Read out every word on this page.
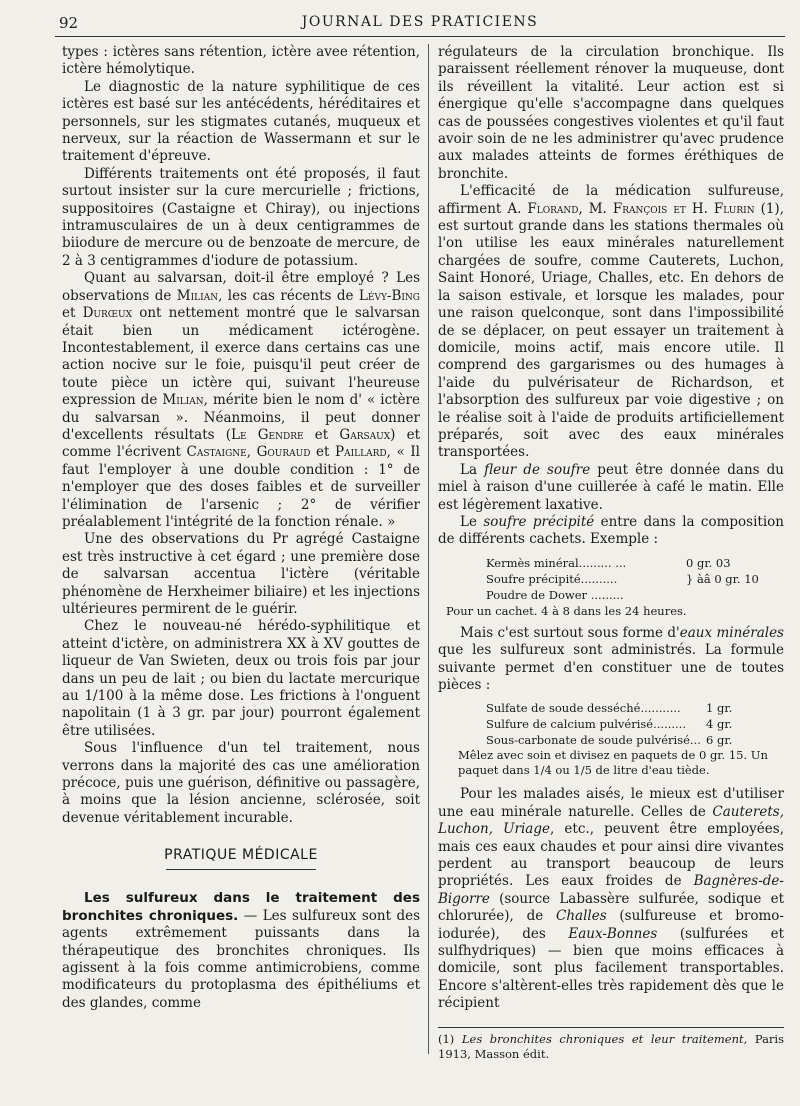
92	JOURNAL DES PRATICIENS

types : ictères sans rétention, ictère avee rétention, ictère hémolytique.

Le diagnostic de la nature syphilitique de ces ictères est basé sur les antécédents, héréditaires et personnels, sur les stigmates cutanés, muqueux et nerveux, sur la réaction de Wassermann et sur le traitement d'épreuve.

Différents traitements ont été proposés, il faut surtout insister sur la cure mercurielle ; frictions, suppositoires (Castaigne et Chiray), ou injections intramusculaires de un à deux centigrammes de biiodure de mercure ou de benzoate de mercure, de 2 à 3 centigrammes d'iodure de potassium.

Quant au salvarsan, doit-il être employé ? Les observations de Milian, les cas récents de Lévy-Bing et Durœux ont nettement montré que le salvarsan était bien un médicament ictérogène. Incontestablement, il exerce dans certains cas une action nocive sur le foie, puisqu'il peut créer de toute pièce un ictère qui, suivant l'heureuse expression de Milian, mérite bien le nom d' « ictère du salvarsan ». Néanmoins, il peut donner d'excellents résultats (Le Gendre et Garsaux) et comme l'écrivent Castaigne, Gouraud et Paillard, « Il faut l'employer à une double condition : 1° de n'employer que des doses faibles et de surveiller l'élimination de l'arsenic ; 2° de vérifier préalablement l'intégrité de la fonction rénale. »

Une des observations du Pr agrégé Castaigne est très instructive à cet égard ; une première dose de salvarsan accentua l'ictère (véritable phénomène de Herxheimer biliaire) et les injections ultérieures permirent de le guérir.

Chez le nouveau-né hérédo-syphilitique et atteint d'ictère, on administrera XX à XV gouttes de liqueur de Van Swieten, deux ou trois fois par jour dans un peu de lait ; ou bien du lactate mercurique au 1/100 à la même dose. Les frictions à l'onguent napolitain (1 à 3 gr. par jour) pourront également être utilisées.

Sous l'influence d'un tel traitement, nous verrons dans la majorité des cas une amélioration précoce, puis une guérison, définitive ou passagère, à moins que la lésion ancienne, sclérosée, soit devenue véritablement incurable.

PRATIQUE MÉDICALE

Les sulfureux dans le traitement des bronchites chroniques. — Les sulfureux sont des agents extrêmement puissants dans la thérapeutique des bronchites chroniques. Ils agissent à la fois comme antimicrobiens, comme modificateurs du protoplasma des épithéliums et des glandes, comme

régulateurs de la circulation bronchique. Ils paraissent réellement rénover la muqueuse, dont ils réveillent la vitalité. Leur action est si énergique qu'elle s'accompagne dans quelques cas de poussées congestives violentes et qu'il faut avoir soin de ne les administrer qu'avec prudence aux malades atteints de formes éréthiques de bronchite.

L'efficacité de la médication sulfureuse, affirment A. Florand, M. François et H. Flurin (1), est surtout grande dans les stations thermales où l'on utilise les eaux minérales naturellement chargées de soufre, comme Cauterets, Luchon, Saint Honoré, Uriage, Challes, etc. En dehors de la saison estivale, et lorsque les malades, pour une raison quelconque, sont dans l'impossibilité de se déplacer, on peut essayer un traitement à domicile, moins actif, mais encore utile. Il comprend des gargarismes ou des humages à l'aide du pulvérisateur de Richardson, et l'absorption des sulfureux par voie digestive ; on le réalise soit à l'aide de produits artificiellement préparés, soit avec des eaux minérales transportées.

La fleur de soufre peut être donnée dans du miel à raison d'une cuillerée à café le matin. Elle est légèrement laxative.

Le soufre précipité entre dans la composition de différents cachets. Exemple :

Kermès minéral......... ...	0 gr. 03
Soufre précipité..........	} àâ 0 gr. 10
Poudre de Dower .........
Pour un cachet. 4 à 8 dans les 24 heures.

Mais c'est surtout sous forme d'eaux minérales que les sulfureux sont administrés. La formule suivante permet d'en constituer une de toutes pièces :

Sulfate de soude desséché...........	1 gr.
Sulfure de calcium pulvérisé.........	4 gr.
Sous-carbonate de soude pulvérisé... 6 gr.
Mêlez avec soin et divisez en paquets de 0 gr. 15. Un paquet dans 1/4 ou 1/5 de litre d'eau tiède.

Pour les malades aisés, le mieux est d'utiliser une eau minérale naturelle. Celles de Cauterets, Luchon, Uriage, etc., peuvent être employées, mais ces eaux chaudes et pour ainsi dire vivantes perdent au transport beaucoup de leurs propriétés. Les eaux froides de Bagnères-de-Bigorre (source Labassère sulfurée, sodique et chlorurée), de Challes (sulfureuse et bromo-iodurée), des Eaux-Bonnes (sulfurées et sulfhydriques) — bien que moins efficaces à domicile, sont plus facilement transportables. Encore s'altèrent-elles très rapidement dès que le récipient

(1) Les bronchites chroniques et leur traitement, Paris 1913, Masson édit.
